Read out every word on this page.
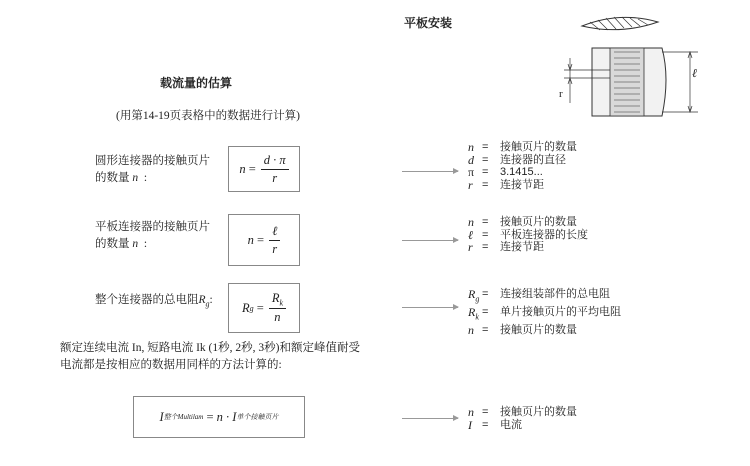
平板安装
r
ℓ
载流量的估算
(用第14-19页表格中的数据进行计算)
圆形连接器的接触页片
的数量 n :
n
= $\frac{d \cdot \pi}{r}$
n =	接触页片的数量
d =	连接器的直径
π =	3.1415...
r =	连接节距
平板连接器的接触页片
的数量 n :	n
= $\frac{\text{ℓ}}{r}$
n =	接触页片的数量
ℓ =	平板连接器的长度
r =	连接节距
整个连接器的总电阻$R_g$:
R g
= $\frac{R_k}{n}$	$R_g$ =	连接组装部件的总电阻
$R_k$ =	单片接触页片的平均电阻
n =	接触页片的数量
额定连续电流 In, 短路电流 Ik (1秒, 2秒, 3秒)和额定峰值耐受
电流都是按相应的数据用同样的方法计算的:
I 整个Multilam
=
n · I 单个接触页片	n =	接触页片的数量
I =	电流
